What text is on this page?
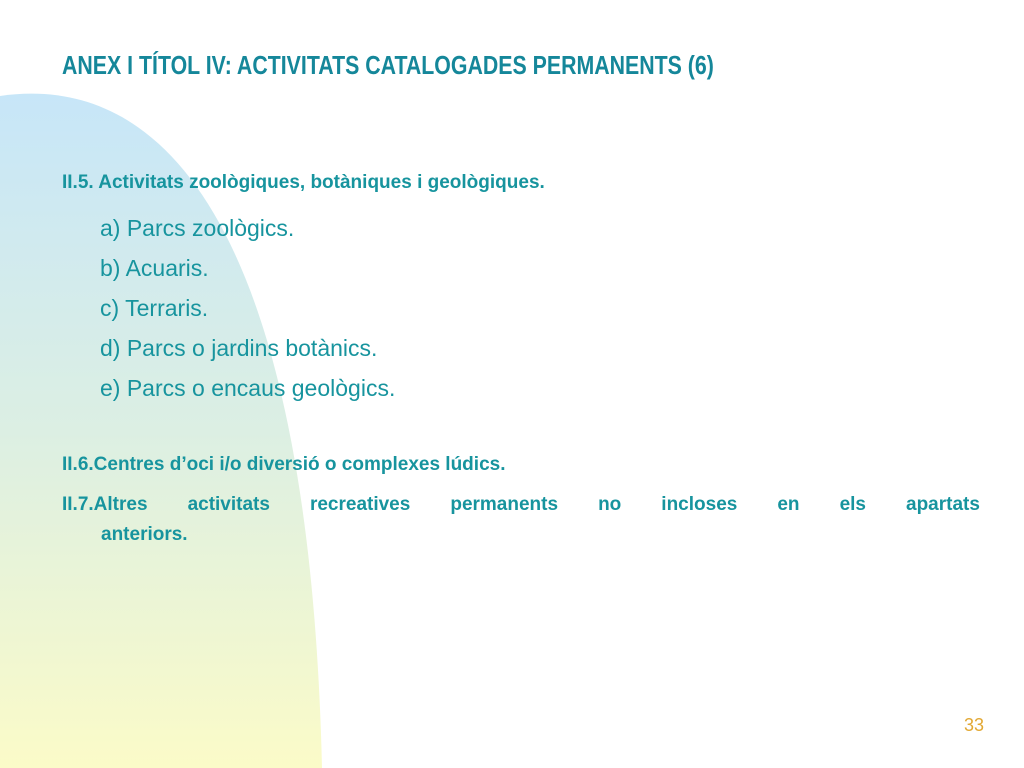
ANEX I TÍTOL IV: ACTIVITATS CATALOGADES PERMANENTS (6)
II.5. Activitats zoològiques, botàniques i geològiques.
a) Parcs zoològics.
b) Acuaris.
c) Terraris.
d) Parcs o jardins botànics.
e) Parcs o encaus geològics.
II.6.Centres d’oci i/o diversió o complexes lúdics.
II.7.Altres activitats recreatives permanents no incloses en els apartats
anteriors.
33
